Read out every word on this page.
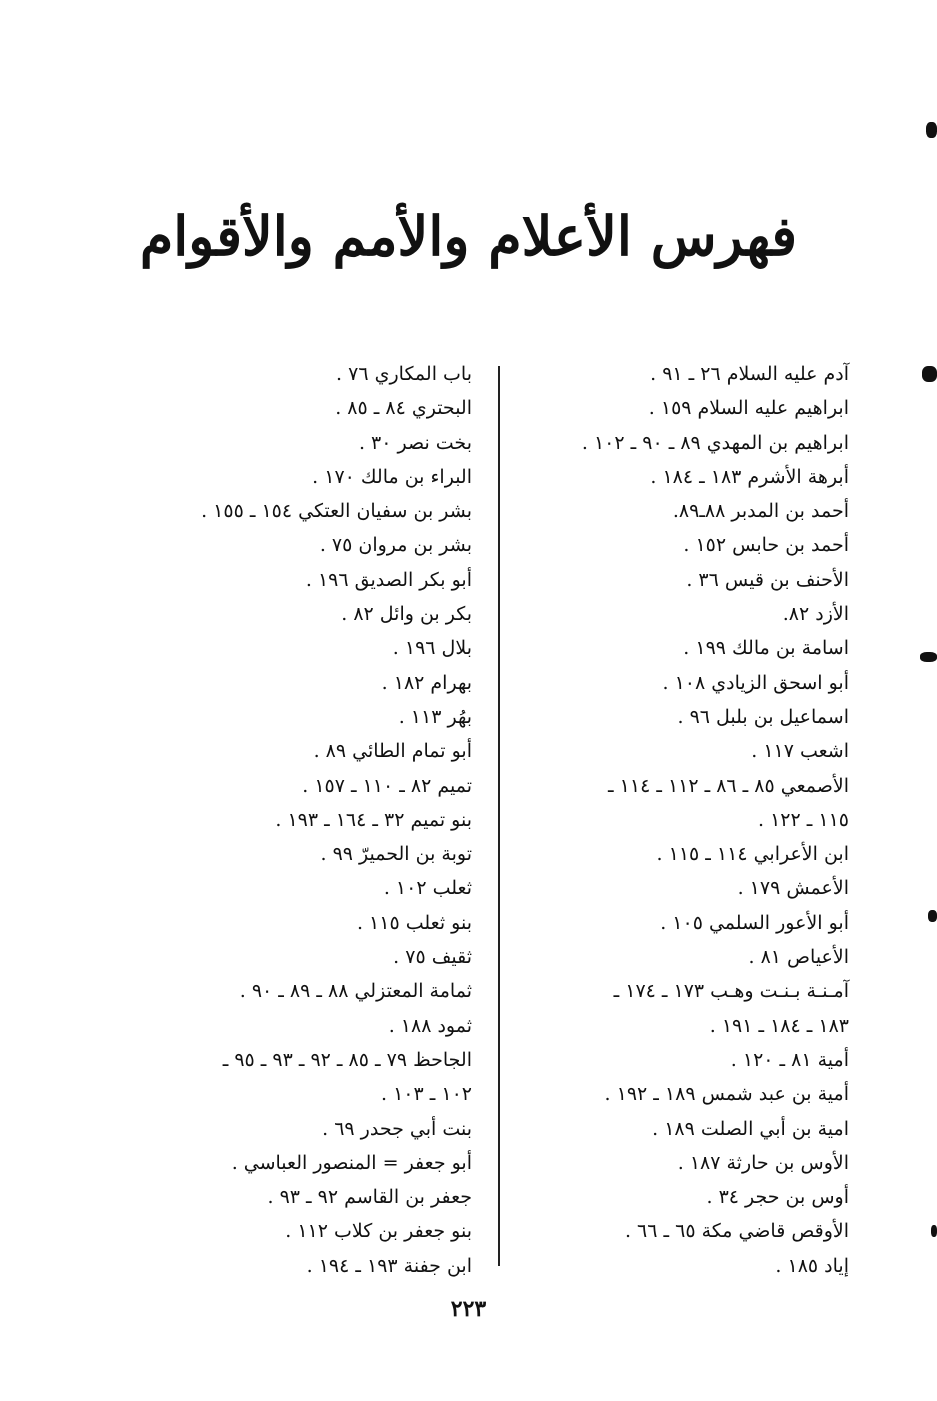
فهرس الأعلام والأمم والأقوام
آدم عليه السلام ٢٦ ـ ٩١ .
ابراهيم عليه السلام ١٥٩ .
ابراهيم بن المهدي ٨٩ ـ ٩٠ ـ ١٠٢ .
أبرهة الأشرم ١٨٣ ـ ١٨٤ .
أحمد بن المدبر ٨٨ـ٨٩.
أحمد بن حابس ١٥٢ .
الأحنف بن قيس ٣٦ .
الأزد ٨٢.
اسامة بن مالك ١٩٩ .
أبو اسحق الزيادي ١٠٨ .
اسماعيل بن بلبل ٩٦ .
اشعب ١١٧ .
الأصمعي ٨٥ ـ ٨٦ ـ ١١٢ ـ ١١٤ ـ
١١٥ ـ ١٢٢ .
ابن الأعرابي ١١٤ ـ ١١٥ .
الأعمش ١٧٩ .
أبو الأعور السلمي ١٠٥ .
الأعياص ٨١ .
آمـنـة بـنـت وهـب ١٧٣ ـ ١٧٤ ـ
١٨٣ ـ ١٨٤ ـ ١٩١ .
أمية ٨١ ـ ١٢٠ .
أمية بن عبد شمس ١٨٩ ـ ١٩٢ .
امية بن أبي الصلت ١٨٩ .
الأوس بن حارثة ١٨٧ .
أوس بن حجر ٣٤ .
الأوقص قاضي مكة ٦٥ ـ ٦٦ .
إياد ١٨٥ .
باب المكاري ٧٦ .
البحتري ٨٤ ـ ٨٥ .
بخت نصر ٣٠ .
البراء بن مالك ١٧٠ .
بشر بن سفيان العتكي ١٥٤ ـ ١٥٥ .
بشر بن مروان ٧٥ .
أبو بكر الصديق ١٩٦ .
بكر بن وائل ٨٢ .
بلال ١٩٦ .
بهرام ١٨٢ .
بهُر ١١٣ .
أبو تمام الطائي ٨٩ .
تميم ٨٢ ـ ١١٠ ـ ١٥٧ .
بنو تميم ٣٢ ـ ١٦٤ ـ ١٩٣ .
توبة بن الحميرّ ٩٩ .
ثعلب ١٠٢ .
بنو ثعلب ١١٥ .
ثقيف ٧٥ .
ثمامة المعتزلي ٨٨ ـ ٨٩ ـ ٩٠ .
ثمود ١٨٨ .
الجاحظ ٧٩ ـ ٨٥ ـ ٩٢ ـ ٩٣ ـ ٩٥ ـ
١٠٢ ـ ١٠٣ .
بنت أبي جحدر ٦٩ .
أبو جعفر = المنصور العباسي .
جعفر بن القاسم ٩٢ ـ ٩٣ .
بنو جعفر بن كلاب ١١٢ .
ابن جفنة ١٩٣ ـ ١٩٤ .
٢٢٣
